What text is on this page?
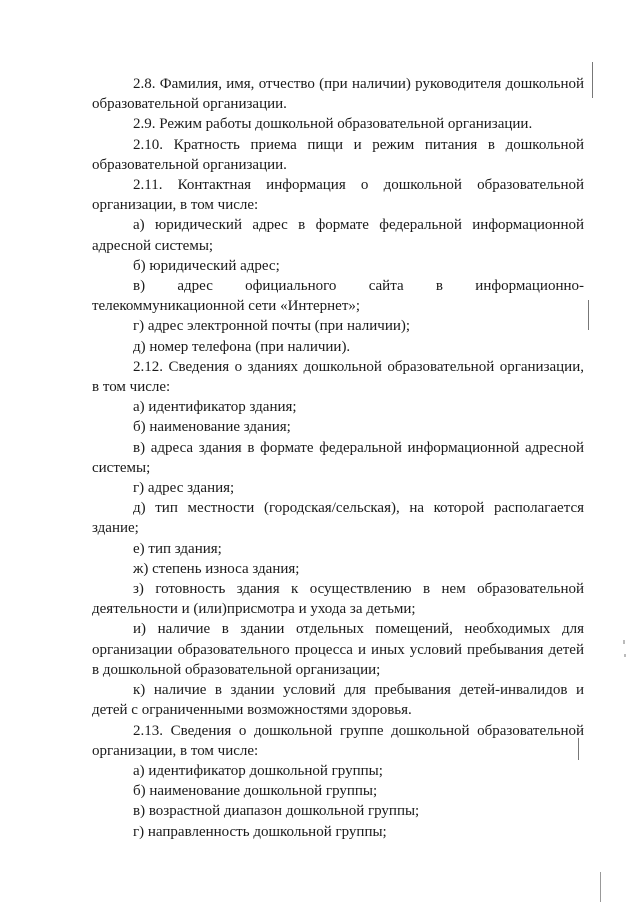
2.8. Фамилия, имя, отчество (при наличии) руководителя дошкольной образовательной организации.

2.9. Режим работы дошкольной образовательной организации.

2.10. Кратность приема пищи и режим питания в дошкольной образовательной организации.

2.11. Контактная информация о дошкольной образовательной организации, в том числе:

а) юридический адрес в формате федеральной информационной адресной системы;

б) юридический адрес;

в) адрес официального сайта в информационно-телекоммуникационной сети «Интернет»;

г) адрес электронной почты (при наличии);

д) номер телефона (при наличии).

2.12. Сведения о зданиях дошкольной образовательной организации, в том числе:

а) идентификатор здания;

б) наименование здания;

в) адреса здания в формате федеральной информационной адресной системы;

г) адрес здания;

д) тип местности (городская/сельская), на которой располагается здание;

е) тип здания;

ж) степень износа здания;

з) готовность здания к осуществлению в нем образовательной деятельности и (или)присмотра и ухода за детьми;

и) наличие в здании отдельных помещений, необходимых для организации образовательного процесса и иных условий пребывания детей в дошкольной образовательной организации;

к) наличие в здании условий для пребывания детей-инвалидов и детей с ограниченными возможностями здоровья.

2.13. Сведения о дошкольной группе дошкольной образовательной организации, в том числе:

а) идентификатор дошкольной группы;

б) наименование дошкольной группы;

в) возрастной диапазон дошкольной группы;

г) направленность дошкольной группы;
